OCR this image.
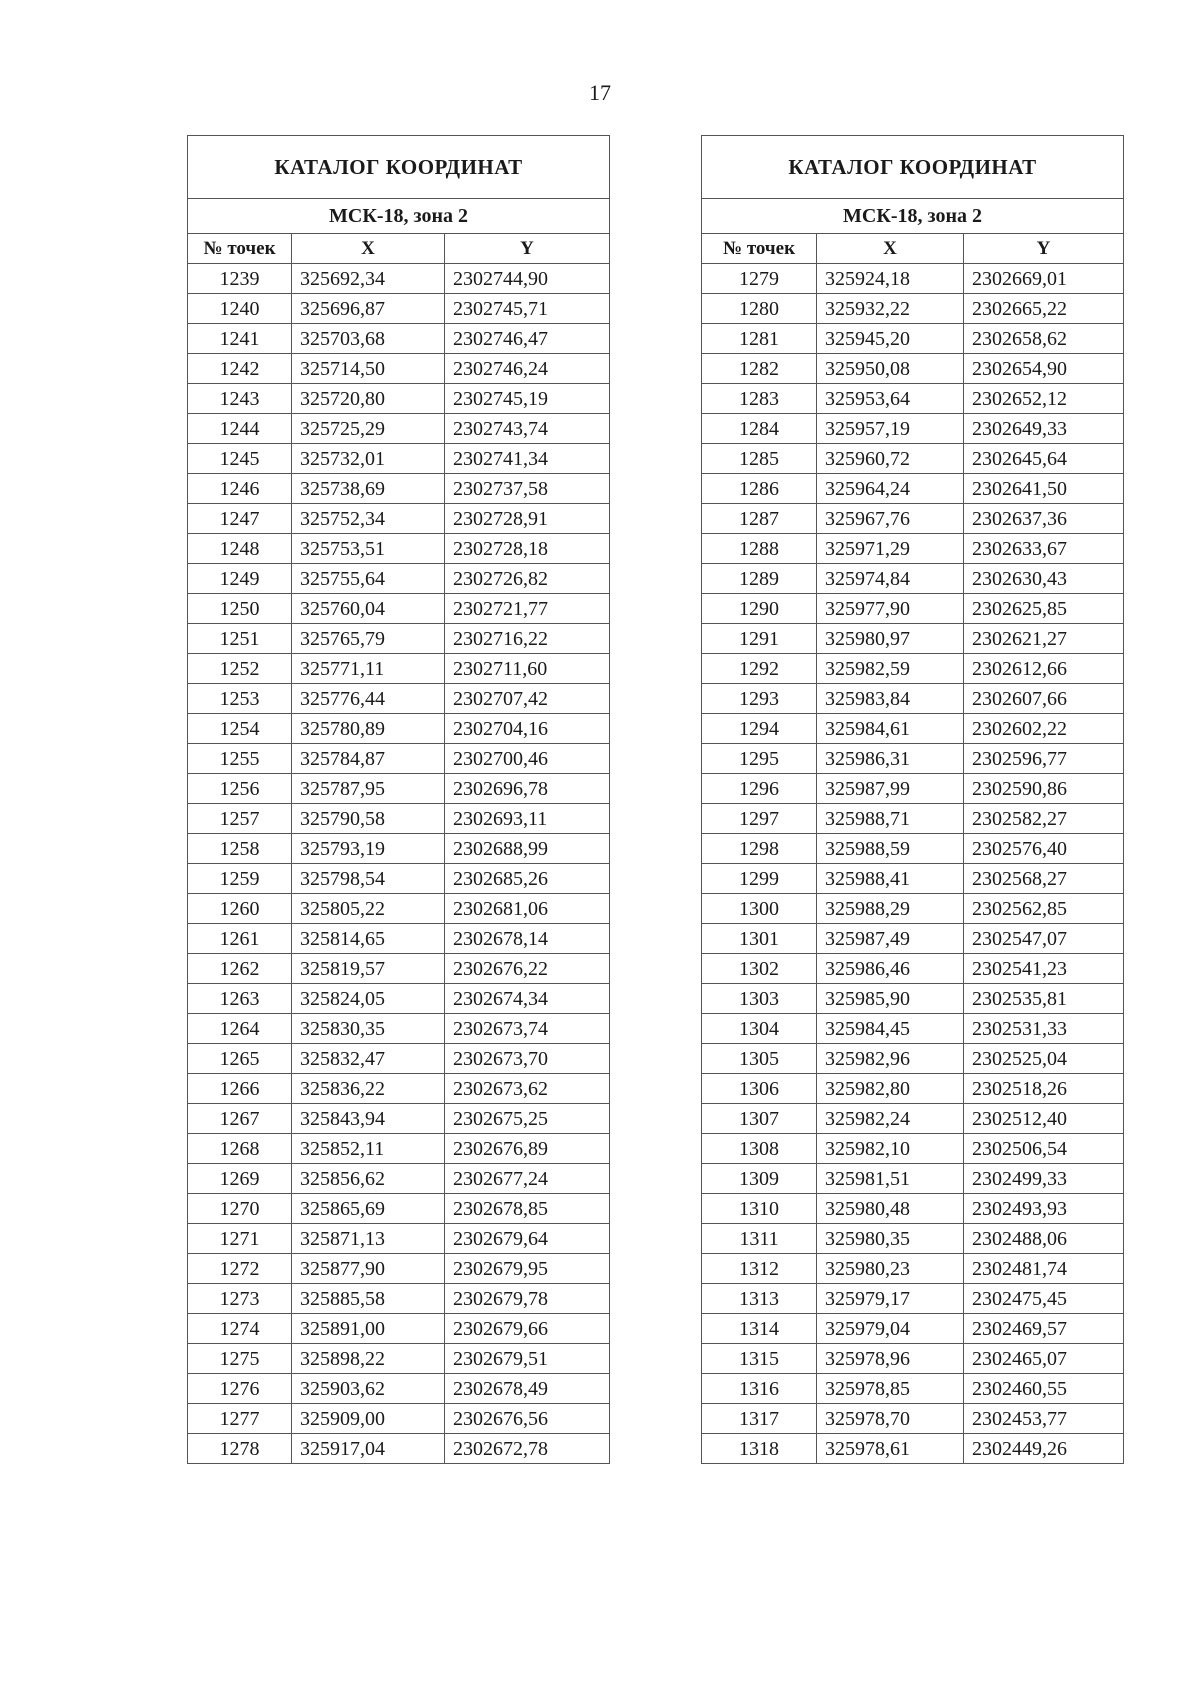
17
КАТАЛОГ КООРДИНАТ		
МСК-18, зона 2		
№ точек	X	Y
1239	325692,34	2302744,90
1240	325696,87	2302745,71
1241	325703,68	2302746,47
1242	325714,50	2302746,24
1243	325720,80	2302745,19
1244	325725,29	2302743,74
1245	325732,01	2302741,34
1246	325738,69	2302737,58
1247	325752,34	2302728,91
1248	325753,51	2302728,18
1249	325755,64	2302726,82
1250	325760,04	2302721,77
1251	325765,79	2302716,22
1252	325771,11	2302711,60
1253	325776,44	2302707,42
1254	325780,89	2302704,16
1255	325784,87	2302700,46
1256	325787,95	2302696,78
1257	325790,58	2302693,11
1258	325793,19	2302688,99
1259	325798,54	2302685,26
1260	325805,22	2302681,06
1261	325814,65	2302678,14
1262	325819,57	2302676,22
1263	325824,05	2302674,34
1264	325830,35	2302673,74
1265	325832,47	2302673,70
1266	325836,22	2302673,62
1267	325843,94	2302675,25
1268	325852,11	2302676,89
1269	325856,62	2302677,24
1270	325865,69	2302678,85
1271	325871,13	2302679,64
1272	325877,90	2302679,95
1273	325885,58	2302679,78
1274	325891,00	2302679,66
1275	325898,22	2302679,51
1276	325903,62	2302678,49
1277	325909,00	2302676,56
1278	325917,04	2302672,78
КАТАЛОГ КООРДИНАТ		
МСК-18, зона 2		
№ точек	X	Y
1279	325924,18	2302669,01
1280	325932,22	2302665,22
1281	325945,20	2302658,62
1282	325950,08	2302654,90
1283	325953,64	2302652,12
1284	325957,19	2302649,33
1285	325960,72	2302645,64
1286	325964,24	2302641,50
1287	325967,76	2302637,36
1288	325971,29	2302633,67
1289	325974,84	2302630,43
1290	325977,90	2302625,85
1291	325980,97	2302621,27
1292	325982,59	2302612,66
1293	325983,84	2302607,66
1294	325984,61	2302602,22
1295	325986,31	2302596,77
1296	325987,99	2302590,86
1297	325988,71	2302582,27
1298	325988,59	2302576,40
1299	325988,41	2302568,27
1300	325988,29	2302562,85
1301	325987,49	2302547,07
1302	325986,46	2302541,23
1303	325985,90	2302535,81
1304	325984,45	2302531,33
1305	325982,96	2302525,04
1306	325982,80	2302518,26
1307	325982,24	2302512,40
1308	325982,10	2302506,54
1309	325981,51	2302499,33
1310	325980,48	2302493,93
1311	325980,35	2302488,06
1312	325980,23	2302481,74
1313	325979,17	2302475,45
1314	325979,04	2302469,57
1315	325978,96	2302465,07
1316	325978,85	2302460,55
1317	325978,70	2302453,77
1318	325978,61	2302449,26
